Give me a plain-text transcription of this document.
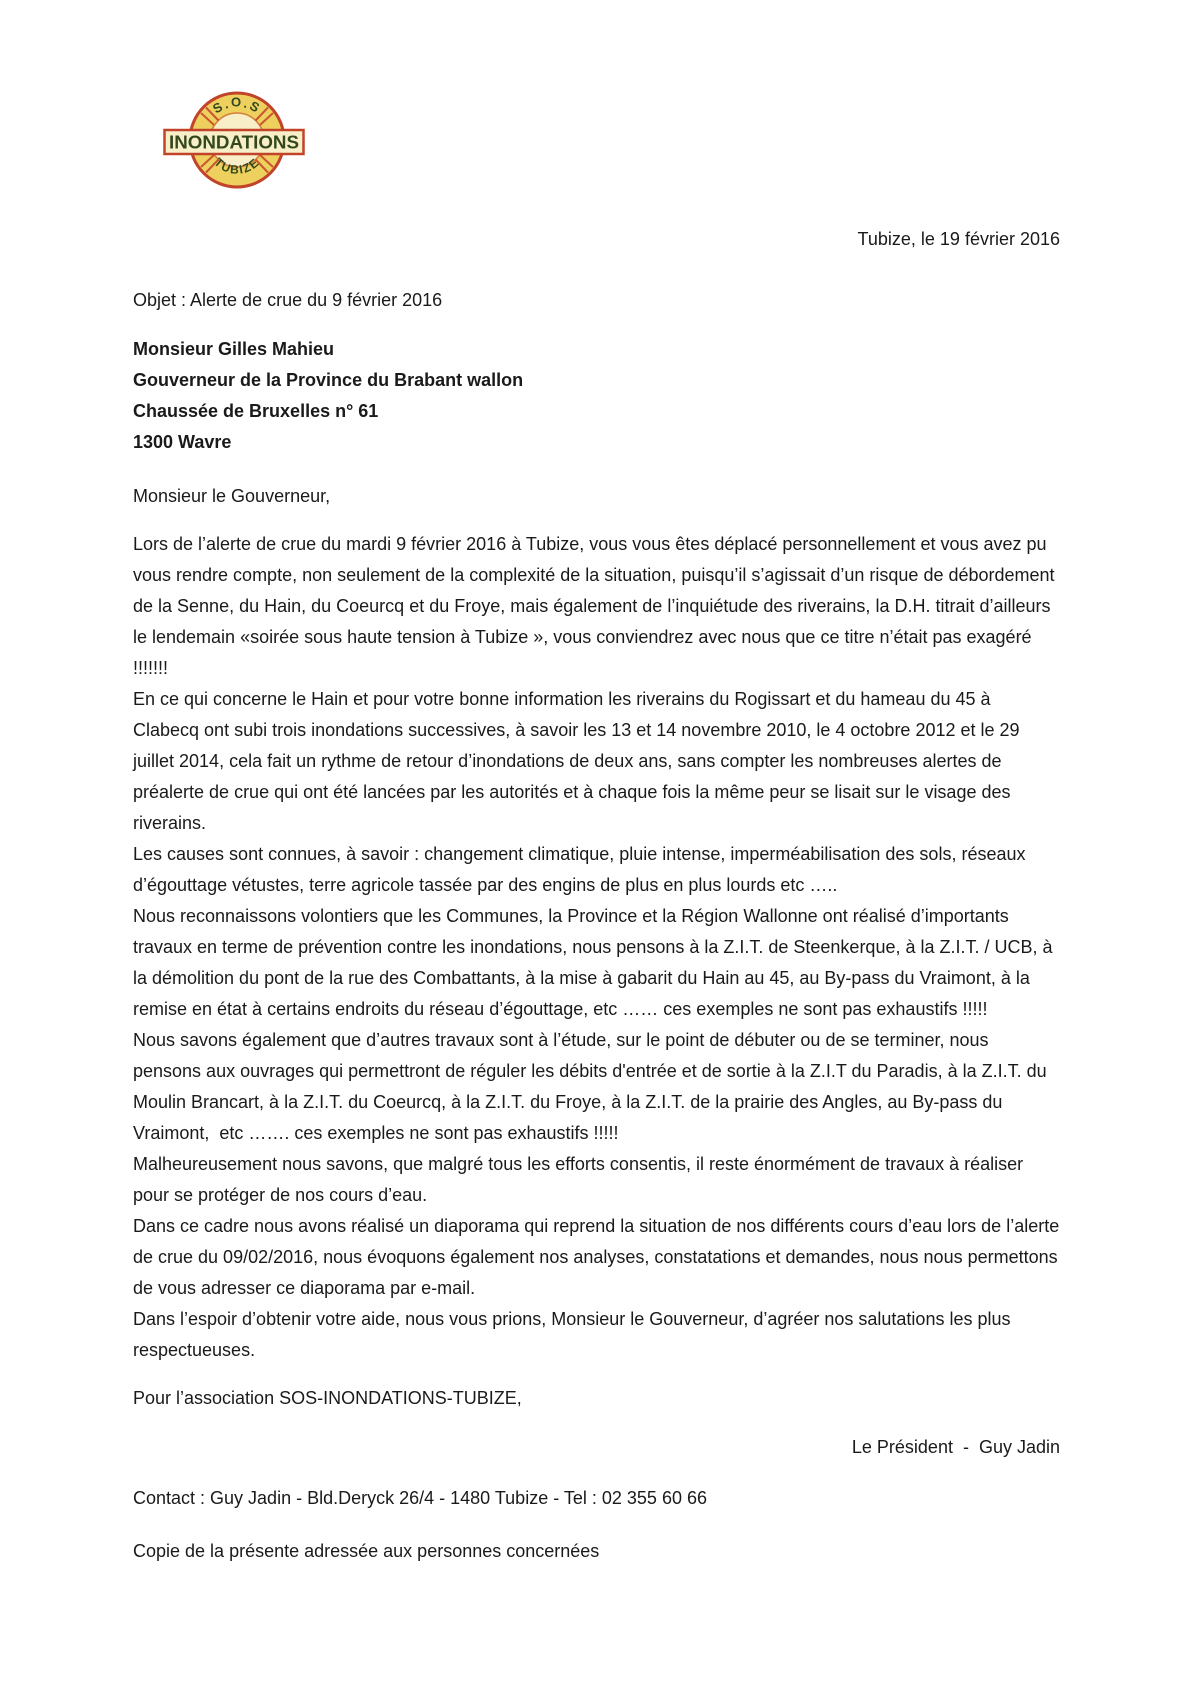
S.O.S
INONDATIONS
TUBIZE
Tubize, le 19 février 2016
Objet : Alerte de crue du 9 février 2016
Monsieur Gilles Mahieu
Gouverneur de la Province du Brabant wallon
Chaussée de Bruxelles n° 61
1300 Wavre
Monsieur le Gouverneur,

Lors de l’alerte de crue du mardi 9 février 2016 à Tubize, vous vous êtes déplacé personnellement et vous avez pu vous rendre compte, non seulement de la complexité de la situation, puisqu’il s’agissait d’un risque de débordement de la Senne, du Hain, du Coeurcq et du Froye, mais également de l’inquiétude des riverains, la D.H. titrait d’ailleurs le lendemain «soirée sous haute tension à Tubize », vous conviendrez avec nous que ce titre n’était pas exagéré !!!!!!!

En ce qui concerne le Hain et pour votre bonne information les riverains du Rogissart et du hameau du 45 à Clabecq ont subi trois inondations successives, à savoir les 13 et 14 novembre 2010, le 4 octobre 2012 et le 29 juillet 2014, cela fait un rythme de retour d’inondations de deux ans, sans compter les nombreuses alertes de préalerte de crue qui ont été lancées par les autorités et à chaque fois la même peur se lisait sur le visage des riverains.

Les causes sont connues, à savoir : changement climatique, pluie intense, imperméabilisation des sols, réseaux d’égouttage vétustes, terre agricole tassée par des engins de plus en plus lourds etc …..

Nous reconnaissons volontiers que les Communes, la Province et la Région Wallonne ont réalisé d’importants travaux en terme de prévention contre les inondations, nous pensons à la Z.I.T. de Steenkerque, à la Z.I.T. / UCB, à la démolition du pont de la rue des Combattants, à la mise à gabarit du Hain au 45, au By-pass du Vraimont, à la remise en état à certains endroits du réseau d’égouttage, etc …… ces exemples ne sont pas exhaustifs !!!!!

Nous savons également que d’autres travaux sont à l’étude, sur le point de débuter ou de se terminer, nous pensons aux ouvrages qui permettront de réguler les débits d'entrée et de sortie à la Z.I.T du Paradis, à la Z.I.T. du Moulin Brancart, à la Z.I.T. du Coeurcq, à la Z.I.T. du Froye, à la Z.I.T. de la prairie des Angles, au By-pass du Vraimont,  etc ……. ces exemples ne sont pas exhaustifs !!!!!

Malheureusement nous savons, que malgré tous les efforts consentis, il reste énormément de travaux à réaliser pour se protéger de nos cours d’eau.

Dans ce cadre nous avons réalisé un diaporama qui reprend la situation de nos différents cours d’eau lors de l’alerte de crue du 09/02/2016, nous évoquons également nos analyses, constatations et demandes, nous nous permettons de vous adresser ce diaporama par e-mail.

Dans l’espoir d’obtenir votre aide, nous vous prions, Monsieur le Gouverneur, d’agréer nos salutations les plus respectueuses.

Pour l’association SOS-INONDATIONS-TUBIZE,
Le Président  -  Guy Jadin
Contact : Guy Jadin - Bld.Deryck 26/4 - 1480 Tubize - Tel : 02 355 60 66
Copie de la présente adressée aux personnes concernées
